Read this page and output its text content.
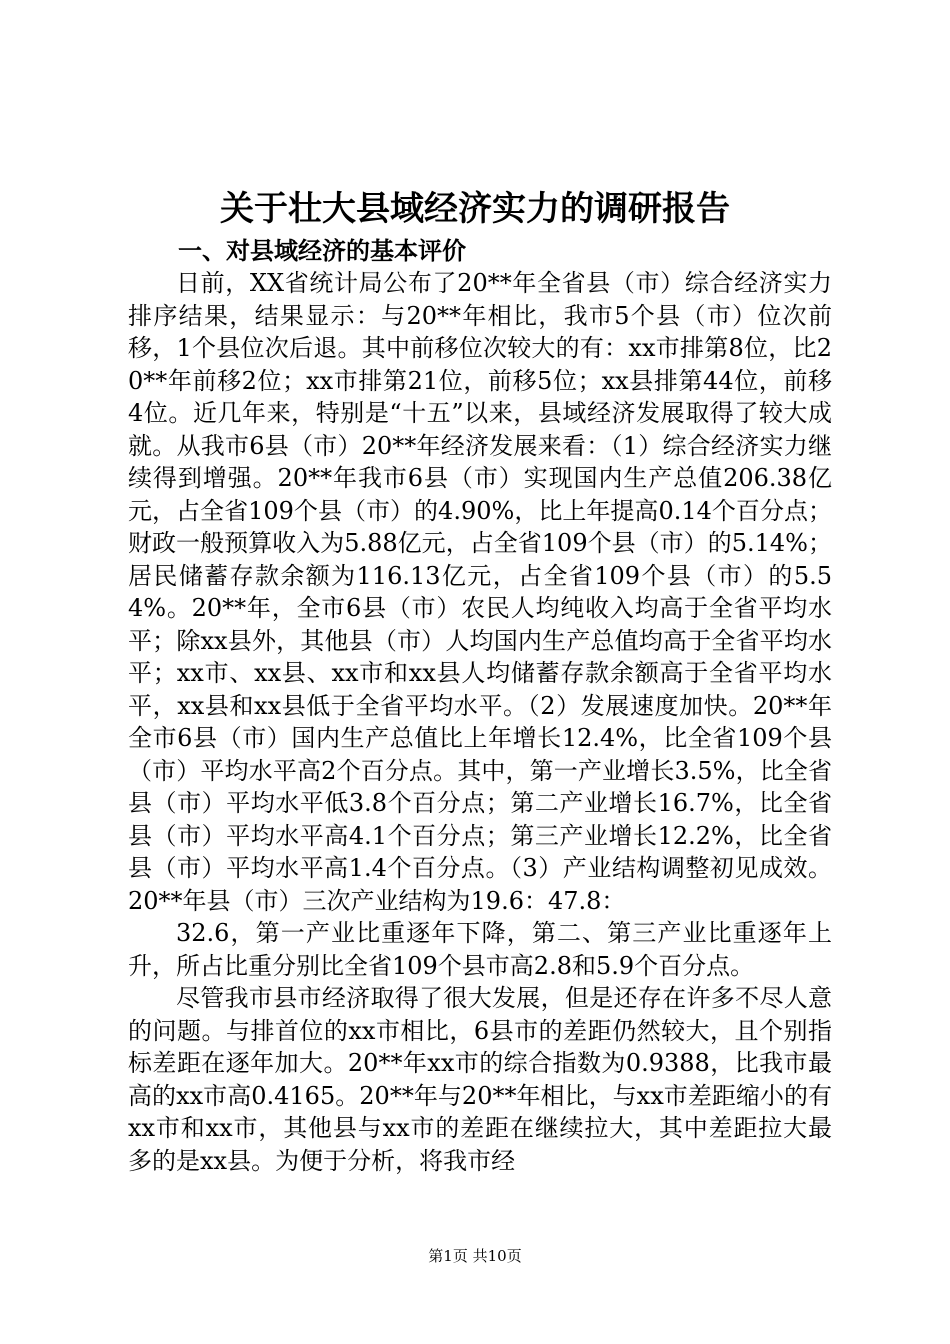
关于壮大县域经济实力的调研报告
一、对县域经济的基本评价

日前，XX省统计局公布了20**年全省县（市）综合经济实力排序结果，结果显示：与20**年相比，我市5个县（市）位次前移，1个县位次后退。其中前移位次较大的有：xx市排第8位，比20**年前移2位；xx市排第21位，前移5位；xx县排第44位，前移4位。近几年来，特别是“十五”以来，县域经济发展取得了较大成就。从我市6县（市）20**年经济发展来看：（1）综合经济实力继续得到增强。20**年我市6县（市）实现国内生产总值206.38亿元，占全省109个县（市）的4.90%，比上年提高0.14个百分点；财政一般预算收入为5.88亿元，占全省109个县（市）的5.14%；居民储蓄存款余额为116.13亿元，占全省109个县（市）的5.54%。20**年，全市6县（市）农民人均纯收入均高于全省平均水平；除xx县外，其他县（市）人均国内生产总值均高于全省平均水平；xx市、xx县、xx市和xx县人均储蓄存款余额高于全省平均水平，xx县和xx县低于全省平均水平。（2）发展速度加快。20**年全市6县（市）国内生产总值比上年增长12.4%，比全省109个县（市）平均水平高2个百分点。其中，第一产业增长3.5%，比全省县（市）平均水平低3.8个百分点；第二产业增长16.7%，比全省县（市）平均水平高4.1个百分点；第三产业增长12.2%，比全省县（市）平均水平高1.4个百分点。（3）产业结构调整初见成效。20**年县（市）三次产业结构为19.6：47.8：

32.6，第一产业比重逐年下降，第二、第三产业比重逐年上升，所占比重分别比全省109个县市高2.8和5.9个百分点。

尽管我市县市经济取得了很大发展，但是还存在许多不尽人意的问题。与排首位的xx市相比，6县市的差距仍然较大，且个别指标差距在逐年加大。20**年xx市的综合指数为0.9388，比我市最高的xx市高0.4165。20**年与20**年相比，与xx市差距缩小的有xx市和xx市，其他县与xx市的差距在继续拉大，其中差距拉大最多的是xx县。为便于分析，将我市经

第1页 共10页
